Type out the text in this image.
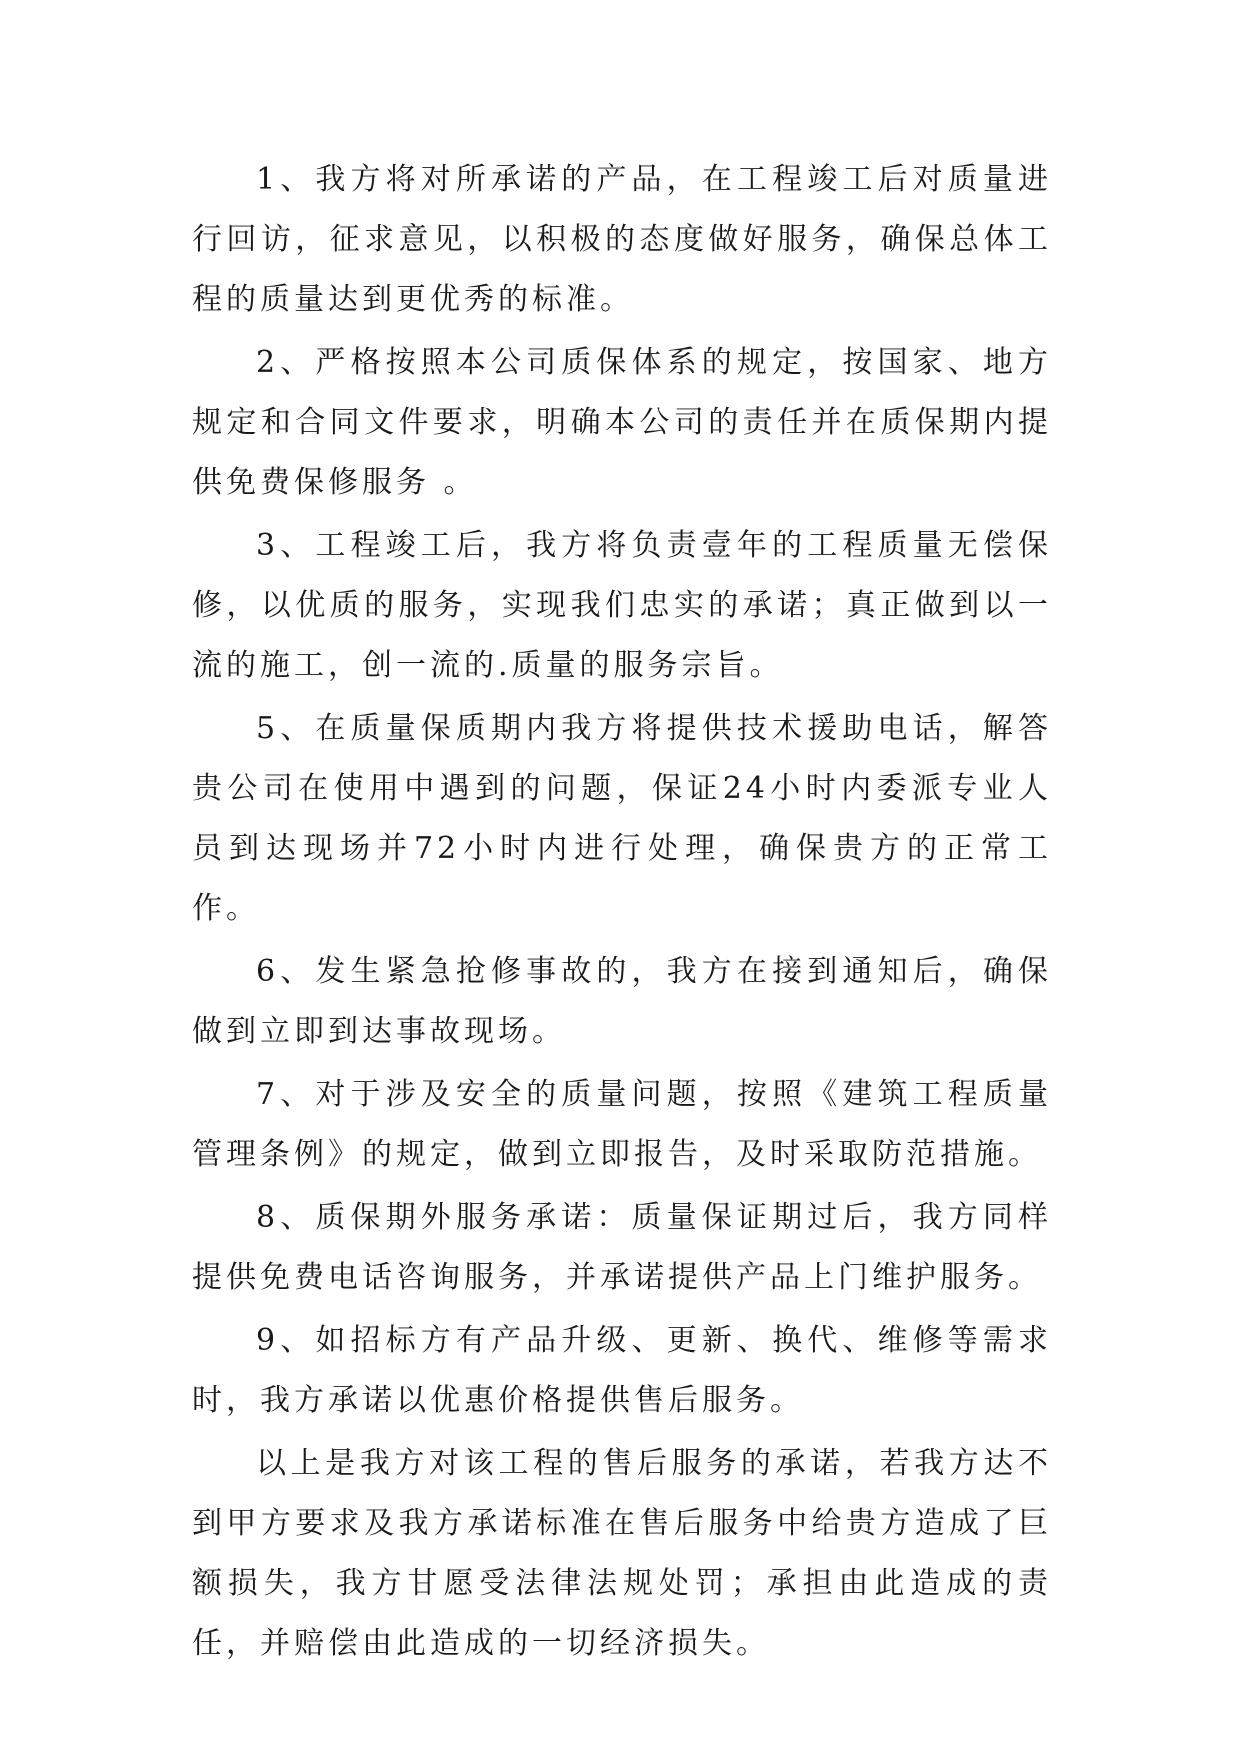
1、我方将对所承诺的产品，在工程竣工后对质量进行回访，征求意见，以积极的态度做好服务，确保总体工程的质量达到更优秀的标准。

2、严格按照本公司质保体系的规定，按国家、地方规定和合同文件要求，明确本公司的责任并在质保期内提供免费保修服务 。

3、工程竣工后，我方将负责壹年的工程质量无偿保修，以优质的服务，实现我们忠实的承诺；真正做到以一流的施工，创一流的.质量的服务宗旨。

5、在质量保质期内我方将提供技术援助电话，解答贵公司在使用中遇到的问题，保证24小时内委派专业人员到达现场并72小时内进行处理，确保贵方的正常工作。

6、发生紧急抢修事故的，我方在接到通知后，确保做到立即到达事故现场。

7、对于涉及安全的质量问题，按照《建筑工程质量管理条例》的规定，做到立即报告，及时采取防范措施。

8、质保期外服务承诺：质量保证期过后，我方同样提供免费电话咨询服务，并承诺提供产品上门维护服务。

9、如招标方有产品升级、更新、换代、维修等需求时，我方承诺以优惠价格提供售后服务。

以上是我方对该工程的售后服务的承诺，若我方达不到甲方要求及我方承诺标准在售后服务中给贵方造成了巨额损失，我方甘愿受法律法规处罚；承担由此造成的责任，并赔偿由此造成的一切经济损失。
